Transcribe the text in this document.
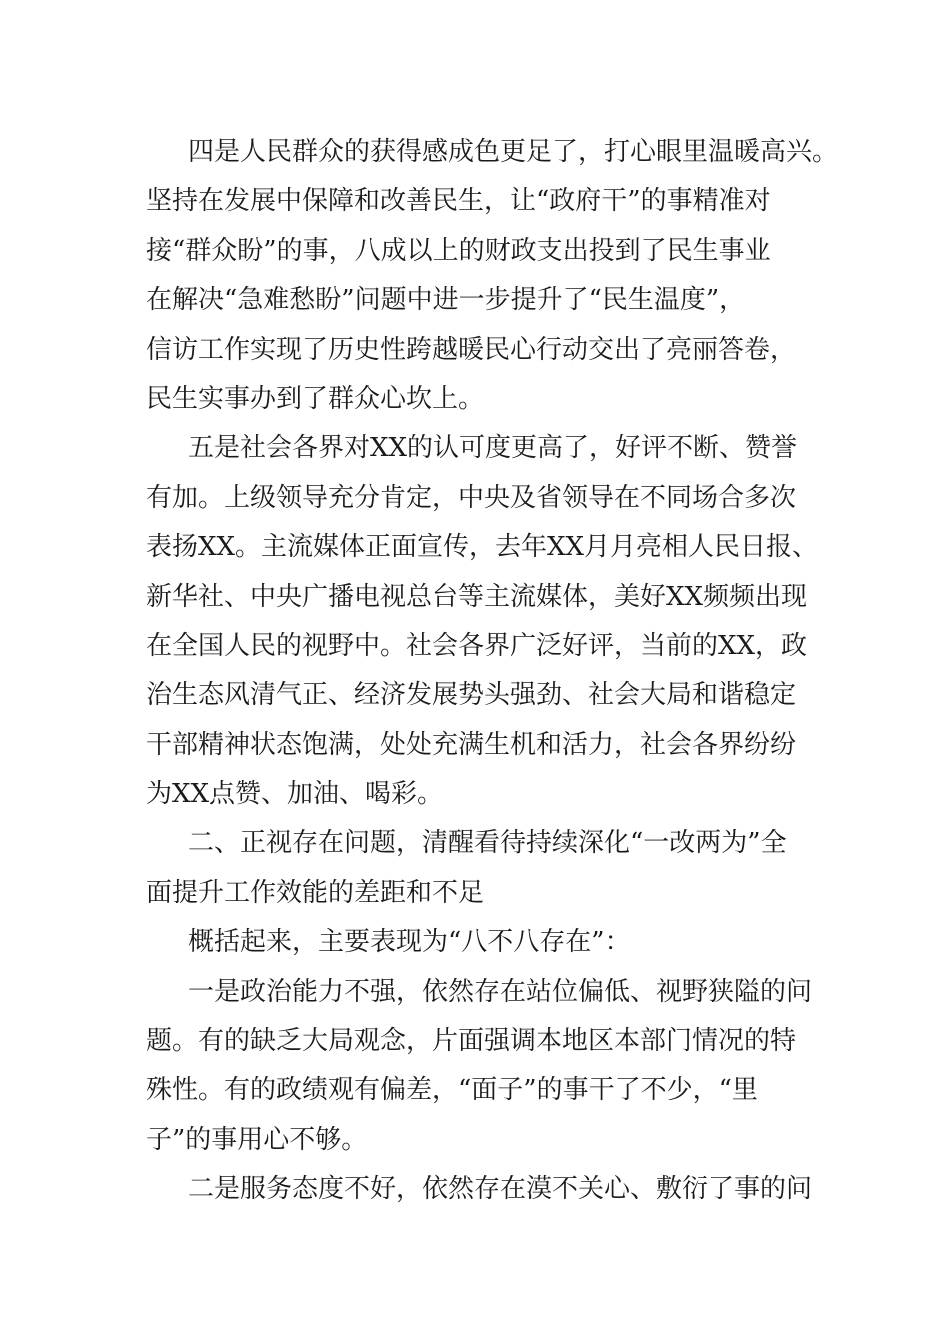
四是人民群众的获得感成色更足了，打心眼里温暖高兴。
坚持在发展中保障和改善民生，让“政府干”的事精准对
接“群众盼”的事，八成以上的财政支出投到了民生事业
在解决“急难愁盼”问题中进一步提升了“民生温度”，
信访工作实现了历史性跨越暖民心行动交出了亮丽答卷，
民生实事办到了群众心坎上。
五是社会各界对XX的认可度更高了，好评不断、赞誉
有加。上级领导充分肯定，中央及省领导在不同场合多次
表扬XX。主流媒体正面宣传，去年XX月月亮相人民日报、
新华社、中央广播电视总台等主流媒体，美好XX频频出现
在全国人民的视野中。社会各界广泛好评，当前的XX，政
治生态风清气正、经济发展势头强劲、社会大局和谐稳定
干部精神状态饱满，处处充满生机和活力，社会各界纷纷
为XX点赞、加油、喝彩。
二、正视存在问题，清醒看待持续深化“一改两为”全
面提升工作效能的差距和不足
概括起来，主要表现为“八不八存在”：
一是政治能力不强，依然存在站位偏低、视野狭隘的问
题。有的缺乏大局观念，片面强调本地区本部门情况的特
殊性。有的政绩观有偏差，“面子”的事干了不少，“里
子”的事用心不够。
二是服务态度不好，依然存在漠不关心、敷衍了事的问
